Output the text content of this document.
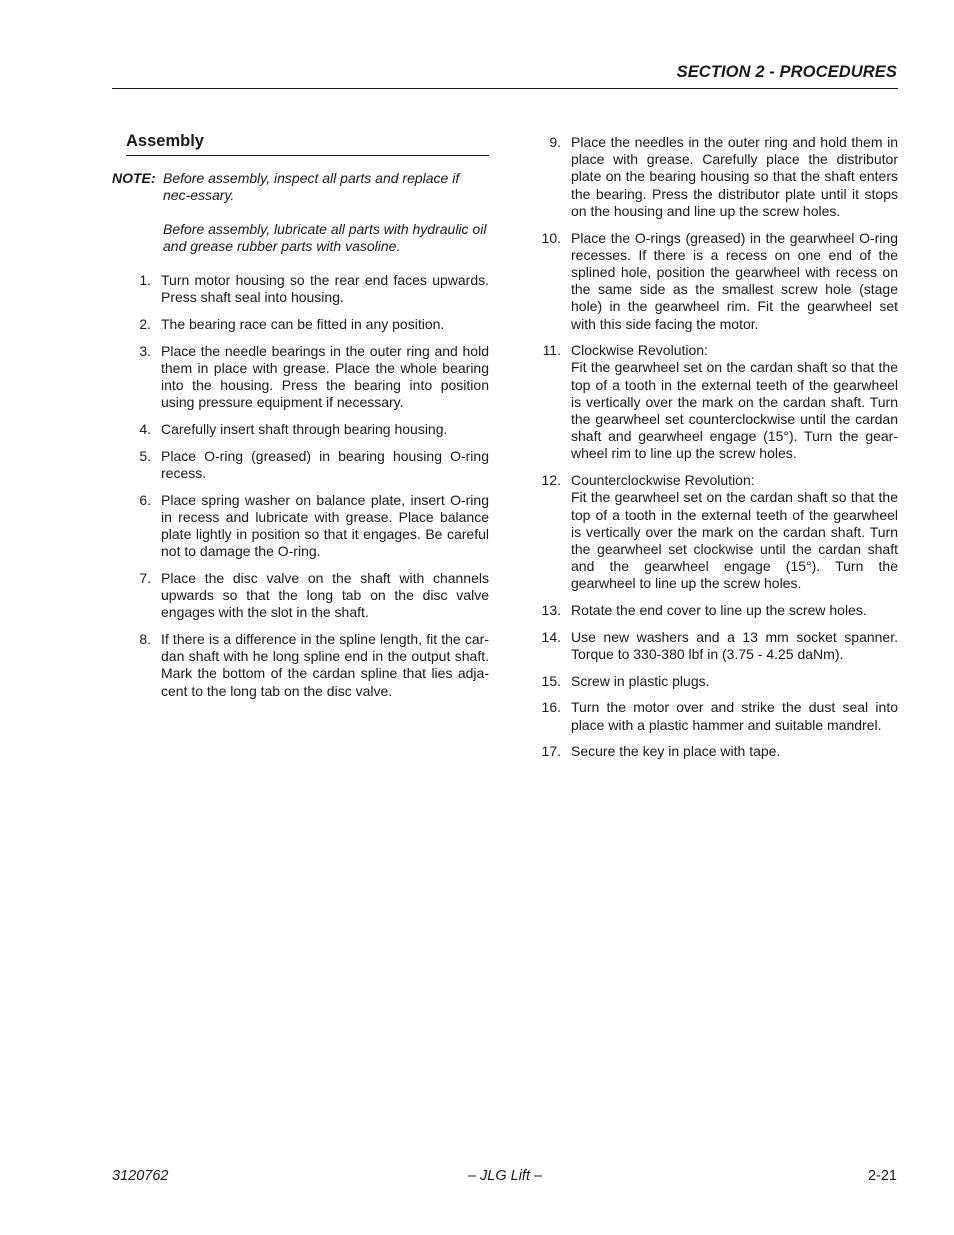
SECTION 2 - PROCEDURES
Assembly
NOTE: Before assembly, inspect all parts and replace if nec-essary.

Before assembly, lubricate all parts with hydraulic oil and grease rubber parts with vasoline.

1. Turn motor housing so the rear end faces upwards. Press shaft seal into housing.
2. The bearing race can be fitted in any position.
3. Place the needle bearings in the outer ring and hold them in place with grease. Place the whole bearing into the housing. Press the bearing into position using pressure equipment if necessary.
4. Carefully insert shaft through bearing housing.
5. Place O-ring (greased) in bearing housing O-ring recess.
6. Place spring washer on balance plate, insert O-ring in recess and lubricate with grease. Place balance plate lightly in position so that it engages. Be careful not to damage the O-ring.
7. Place the disc valve on the shaft with channels upwards so that the long tab on the disc valve engages with the slot in the shaft.
8. If there is a difference in the spline length, fit the car-dan shaft with he long spline end in the output shaft. Mark the bottom of the cardan spline that lies adja-cent to the long tab on the disc valve.
9. Place the needles in the outer ring and hold them in place with grease. Carefully place the distributor plate on the bearing housing so that the shaft enters the bearing. Press the distributor plate until it stops on the housing and line up the screw holes.
10. Place the O-rings (greased) in the gearwheel O-ring recesses. If there is a recess on one end of the splined hole, position the gearwheel with recess on the same side as the smallest screw hole (stage hole) in the gearwheel rim. Fit the gearwheel set with this side facing the motor.
11. Clockwise Revolution:
Fit the gearwheel set on the cardan shaft so that the top of a tooth in the external teeth of the gearwheel is vertically over the mark on the cardan shaft. Turn the gearwheel set counterclockwise until the cardan shaft and gearwheel engage (15°). Turn the gear-wheel rim to line up the screw holes.
12. Counterclockwise Revolution:
Fit the gearwheel set on the cardan shaft so that the top of a tooth in the external teeth of the gearwheel is vertically over the mark on the cardan shaft. Turn the gearwheel set clockwise until the cardan shaft and the gearwheel engage (15°). Turn the gearwheel to line up the screw holes.
13. Rotate the end cover to line up the screw holes.
14. Use new washers and a 13 mm socket spanner. Torque to 330-380 lbf in (3.75 - 4.25 daNm).
15. Screw in plastic plugs.
16. Turn the motor over and strike the dust seal into place with a plastic hammer and suitable mandrel.
17. Secure the key in place with tape.
3120762	– JLG Lift –	2-21
